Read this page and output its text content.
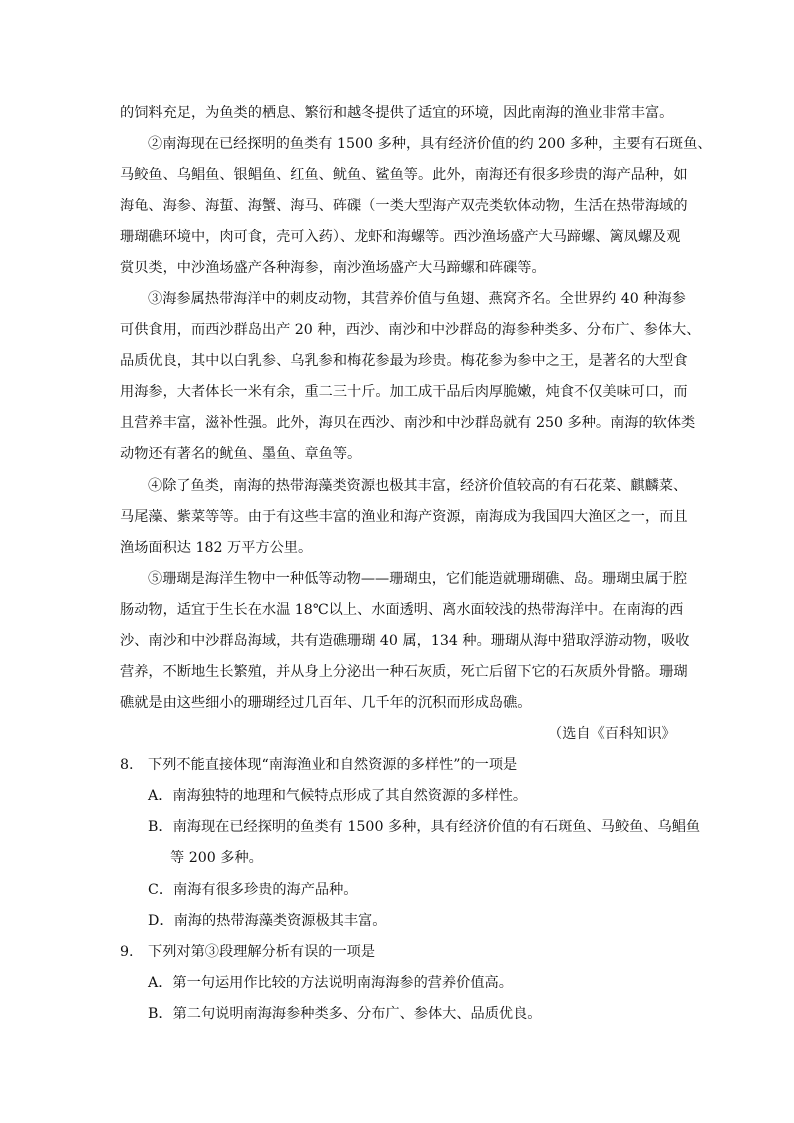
的饲料充足，为鱼类的栖息、繁衍和越冬提供了适宜的环境，因此南海的渔业非常丰富。
②南海现在已经探明的鱼类有 1500 多种，具有经济价值的约 200 多种，主要有石斑鱼、
马鲛鱼、乌鲳鱼、银鲳鱼、红鱼、鱿鱼、鲨鱼等。此外，南海还有很多珍贵的海产品种，如
海龟、海参、海蜇、海蟹、海马、砗磲（一类大型海产双壳类软体动物，生活在热带海域的
珊瑚礁环境中，肉可食，壳可入药）、龙虾和海螺等。西沙渔场盛产大马蹄螺、篱凤螺及观
赏贝类，中沙渔场盛产各种海参，南沙渔场盛产大马蹄螺和砗磲等。
③海参属热带海洋中的刺皮动物，其营养价值与鱼翅、燕窝齐名。全世界约 40 种海参
可供食用，而西沙群岛出产 20 种，西沙、南沙和中沙群岛的海参种类多、分布广、参体大、
品质优良，其中以白乳参、乌乳参和梅花参最为珍贵。梅花参为参中之王，是著名的大型食
用海参，大者体长一米有余，重二三十斤。加工成干品后肉厚脆嫩，炖食不仅美味可口，而
且营养丰富，滋补性强。此外，海贝在西沙、南沙和中沙群岛就有 250 多种。南海的软体类
动物还有著名的鱿鱼、墨鱼、章鱼等。
④除了鱼类，南海的热带海藻类资源也极其丰富，经济价值较高的有石花菜、麒麟菜、
马尾藻、紫菜等等。由于有这些丰富的渔业和海产资源，南海成为我国四大渔区之一，而且
渔场面积达 182 万平方公里。
⑤珊瑚是海洋生物中一种低等动物——珊瑚虫，它们能造就珊瑚礁、岛。珊瑚虫属于腔
肠动物，适宜于生长在水温 18℃以上、水面透明、离水面较浅的热带海洋中。在南海的西
沙、南沙和中沙群岛海域，共有造礁珊瑚 40 属，134 种。珊瑚从海中猎取浮游动物，吸收
营养，不断地生长繁殖，并从身上分泌出一种石灰质，死亡后留下它的石灰质外骨骼。珊瑚
礁就是由这些细小的珊瑚经过几百年、几千年的沉积而形成岛礁。
（选自《百科知识》
8. 下列不能直接体现“南海渔业和自然资源的多样性”的一项是
A．南海独特的地理和气候特点形成了其自然资源的多样性。
B．南海现在已经探明的鱼类有 1500 多种，具有经济价值的有石斑鱼、马鲛鱼、乌鲳鱼
等 200 多种。
C．南海有很多珍贵的海产品种。
D．南海的热带海藻类资源极其丰富。
9. 下列对第③段理解分析有误的一项是
A．第一句运用作比较的方法说明南海海参的营养价值高。
B．第二句说明南海海参种类多、分布广、参体大、品质优良。
